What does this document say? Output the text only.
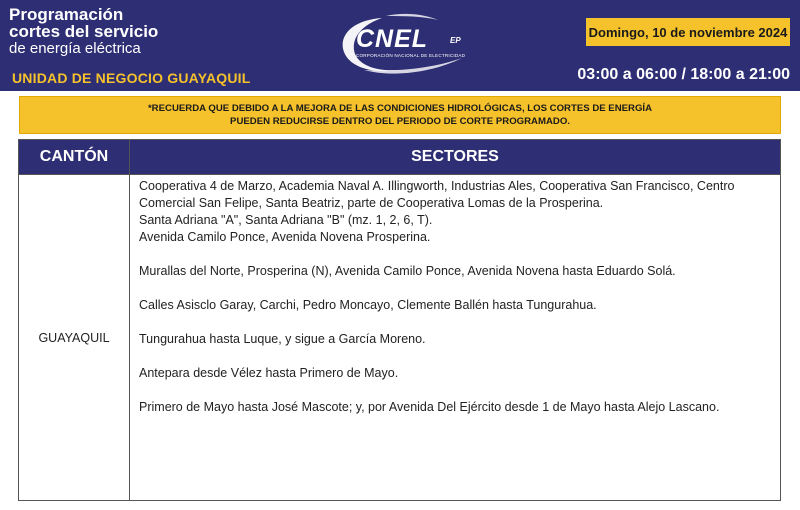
Programación
cortes del servicio
de energía eléctrica
UNIDAD DE NEGOCIO GUAYAQUIL
CNEL	EP
CORPORACIÓN NACIONAL DE ELECTRICIDAD
Domingo, 10 de noviembre 2024
03:00 a 06:00 / 18:00 a 21:00
*RECUERDA QUE DEBIDO A LA MEJORA DE LAS CONDICIONES HIDROLÓGICAS, LOS CORTES DE ENERGÍA
PUEDEN REDUCIRSE DENTRO DEL PERIODO DE CORTE PROGRAMADO.
CANTÓN	SECTORES
GUAYAQUIL
Cooperativa 4 de Marzo, Academia Naval A. Illingworth, Industrias Ales, Cooperativa San Francisco, Centro
Comercial San Felipe, Santa Beatriz, parte de Cooperativa Lomas de la Prosperina.
Santa Adriana "A", Santa Adriana "B" (mz. 1, 2, 6, T).
Avenida Camilo Ponce, Avenida Novena Prosperina.
Murallas del Norte, Prosperina (N), Avenida Camilo Ponce, Avenida Novena hasta Eduardo Solá.
Calles Asisclo Garay, Carchi, Pedro Moncayo, Clemente Ballén hasta Tungurahua.
Tungurahua hasta Luque, y sigue a García Moreno.
Antepara desde Vélez hasta Primero de Mayo.
Primero de Mayo hasta José Mascote; y, por Avenida Del Ejército desde 1 de Mayo hasta Alejo Lascano.
